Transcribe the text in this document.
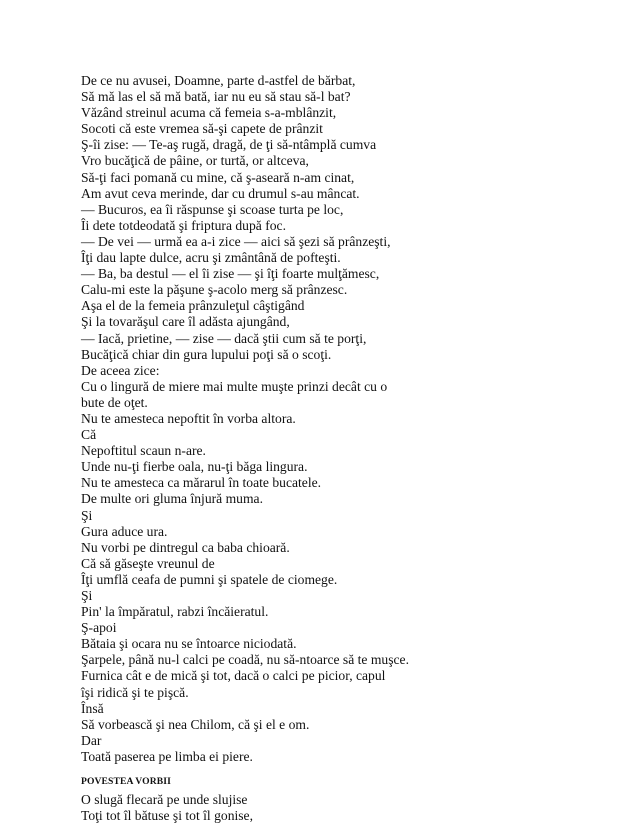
De ce nu avusei, Doamne, parte d-astfel de bărbat,
Să mă las el să mă bată, iar nu eu să stau să-l bat?
Văzând streinul acuma că femeia s-a-mblânzit,
Socoti că este vremea să-şi capete de prânzit
Ş-îi zise: — Te-aş rugă, dragă, de ţi să-ntâmplă cumva
Vro bucăţică de pâine, or turtă, or altceva,
Să-ţi faci pomană cu mine, că ş-aseară n-am cinat,
Am avut ceva merinde, dar cu drumul s-au mâncat.
— Bucuros, ea îi răspunse şi scoase turta pe loc,
Îi dete totdeodată şi friptura după foc.
— De vei — urmă ea a-i zice — aici să şezi să prânzeşti,
Îţi dau lapte dulce, acru şi zmântână de pofteşti.
— Ba, ba destul — el îi zise — şi îţi foarte mulţămesc,
Calu-mi este la păşune ş-acolo merg să prânzesc.
Aşa el de la femeia prânzuleţul câştigând
Şi la tovarăşul care îl adăsta ajungând,
— Iacă, prietine, — zise — dacă ştii cum să te porţi,
Bucăţică chiar din gura lupului poţi să o scoţi.
De aceea zice:
Cu o lingură de miere mai multe muşte prinzi decât cu o
bute de oţet.
Nu te amesteca nepoftit în vorba altora.
Că
Nepoftitul scaun n-are.
Unde nu-ţi fierbe oala, nu-ţi băga lingura.
Nu te amesteca ca mărarul în toate bucatele.
De multe ori gluma înjură muma.
Şi
Gura aduce ura.
Nu vorbi pe dintregul ca baba chioară.
Că să găseşte vreunul de
Îţi umflă ceafa de pumni şi spatele de ciomege.
Şi
Pin' la împăratul, rabzi încăieratul.
Ş-apoi
Bătaia şi ocara nu se întoarce niciodată.
Şarpele, până nu-l calci pe coadă, nu să-ntoarce să te muşce.
Furnica cât e de mică şi tot, dacă o calci pe picior, capul
îşi ridică şi te pişcă.
Însă
Să vorbească şi nea Chilom, că şi el e om.
Dar
Toată paserea pe limba ei piere.
POVESTEA VORBII
O slugă flecară pe unde slujise
Toţi tot îl bătuse şi tot îl gonise,
